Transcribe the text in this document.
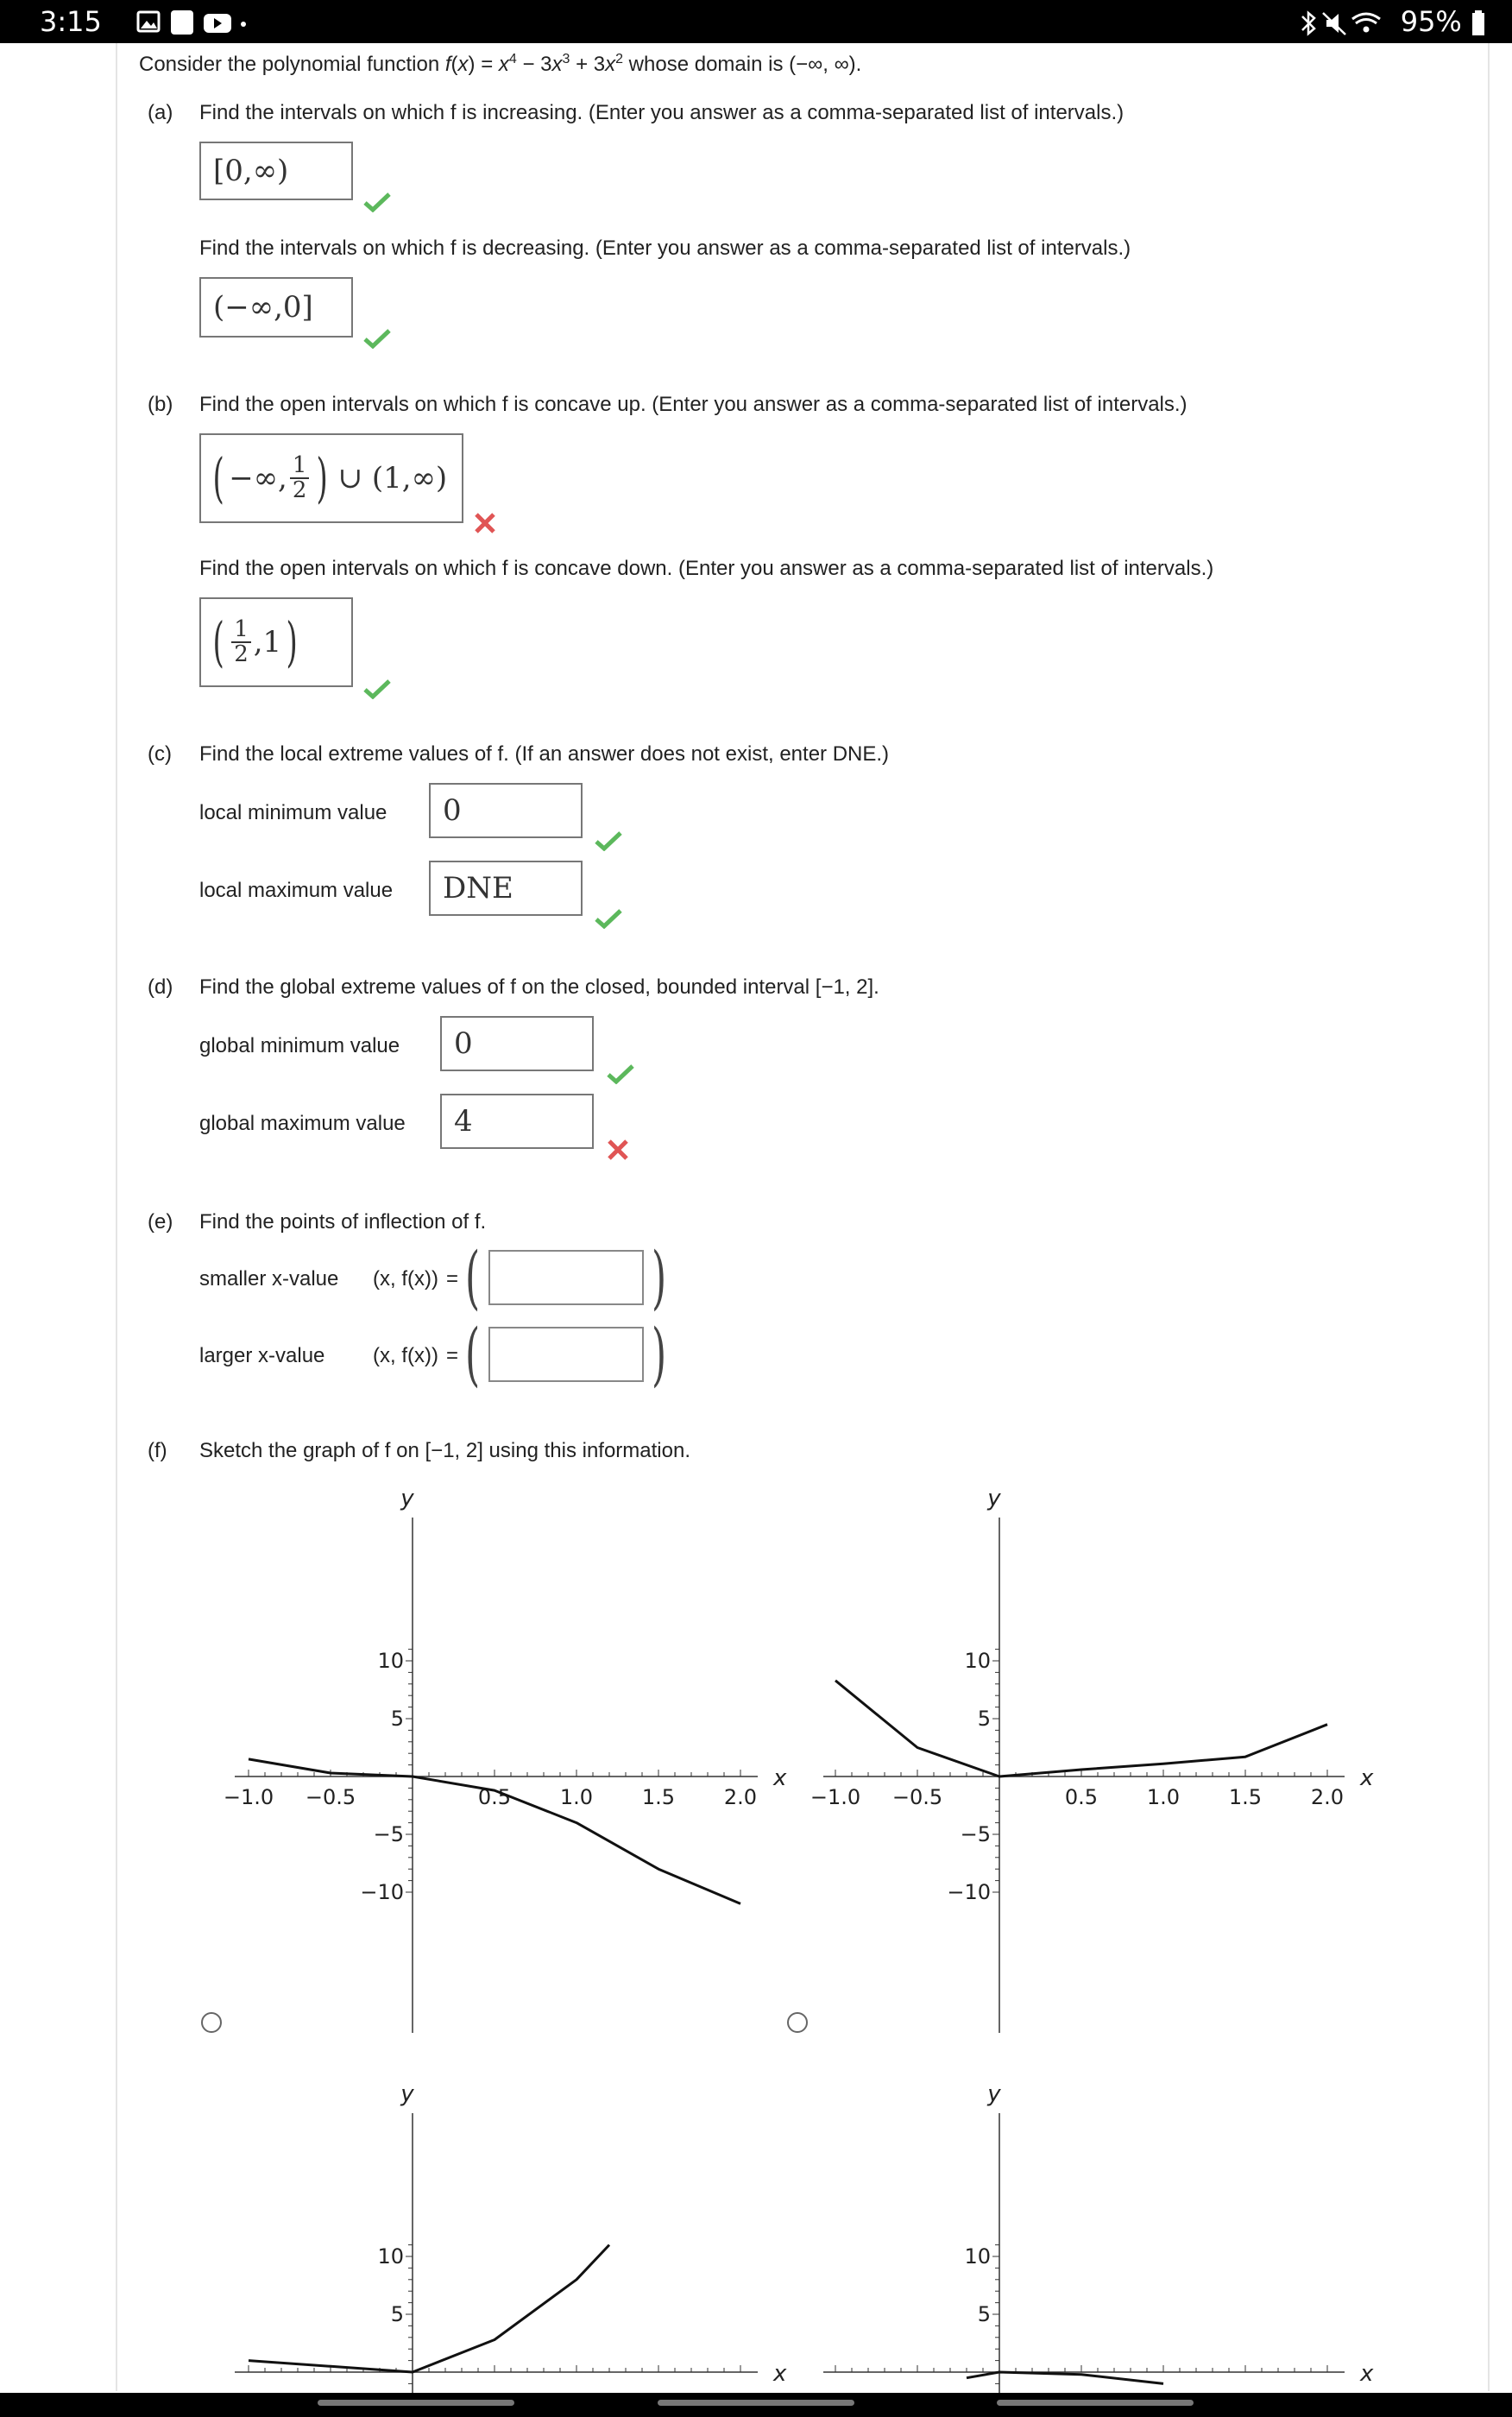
3:15	95%
Consider the polynomial function $f(x) = x^4 - 3x^3 + 3x^2$ whose domain is (−∞, ∞).
(a) Find the intervals on which f is increasing. (Enter you answer as a comma-separated list of intervals.)
[0,∞)
Find the intervals on which f is decreasing. (Enter you answer as a comma-separated list of intervals.)
(−∞,0]
(b) Find the open intervals on which f is concave up. (Enter you answer as a comma-separated list of intervals.)
( −∞, $\frac{1}{2}$ ) ∪ (1,∞)
Find the open intervals on which f is concave down. (Enter you answer as a comma-separated list of intervals.)
( $\frac{1}{2} ,1$ )
(c) Find the local extreme values of f. (If an answer does not exist, enter DNE.)
local minimum value	0
local maximum value	DNE
(d) Find the global extreme values of f on the closed, bounded interval [−1, 2].
global minimum value	0
global maximum value	4
(e) Find the points of inflection of f.
smaller x-value (x, f(x)) = ( )
larger x-value (x, f(x)) = ( )
(f) Sketch the graph of f on [−1, 2] using this information.
x
y
−1.0 −0.5	0.5 1.0 1.5 2.0
10
5
−5
−10
x
y
−1.0 −0.5	0.5 1.0 1.5 2.0
10
5
−5
−10
x
y
10
5
x
y
10
5
